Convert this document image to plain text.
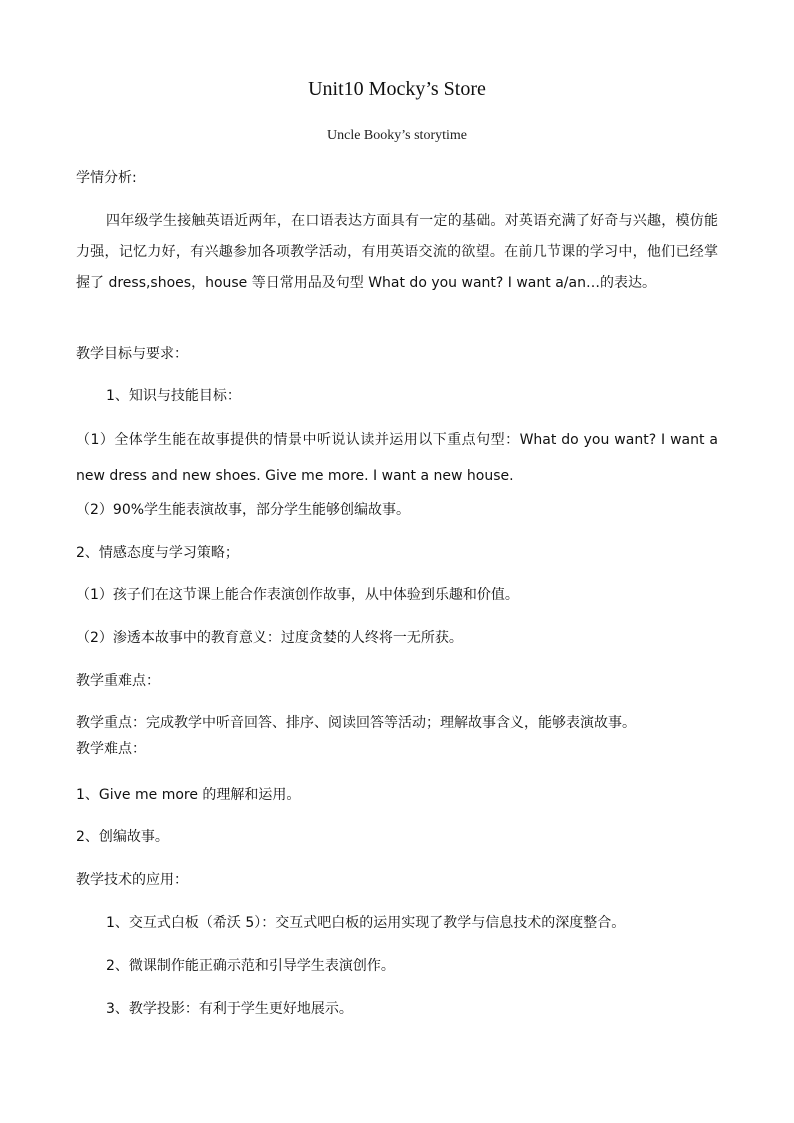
Unit10 Mocky’s Store
Uncle Booky’s storytime
学情分析:
四年级学生接触英语近两年，在口语表达方面具有一定的基础。对英语充满了好奇与兴趣，模仿能力强，记忆力好，有兴趣参加各项教学活动，有用英语交流的欲望。在前几节课的学习中，他们已经掌握了 dress,shoes，house 等日常用品及句型 What do you want? I want a/an…的表达。
教学目标与要求：
1、知识与技能目标：
（1）全体学生能在故事提供的情景中听说认读并运用以下重点句型：What do you want? I want a new dress and new shoes. Give me more. I want a new house.
（2）90%学生能表演故事，部分学生能够创编故事。
2、情感态度与学习策略；
（1）孩子们在这节课上能合作表演创作故事，从中体验到乐趣和价值。
（2）渗透本故事中的教育意义：过度贪婪的人终将一无所获。
教学重难点：
教学重点：完成教学中听音回答、排序、阅读回答等活动；理解故事含义，能够表演故事。
教学难点：
1、Give me more 的理解和运用。
2、创编故事。
教学技术的应用：
1、交互式白板（希沃 5）：交互式吧白板的运用实现了教学与信息技术的深度整合。
2、微课制作能正确示范和引导学生表演创作。
3、教学投影：有利于学生更好地展示。
